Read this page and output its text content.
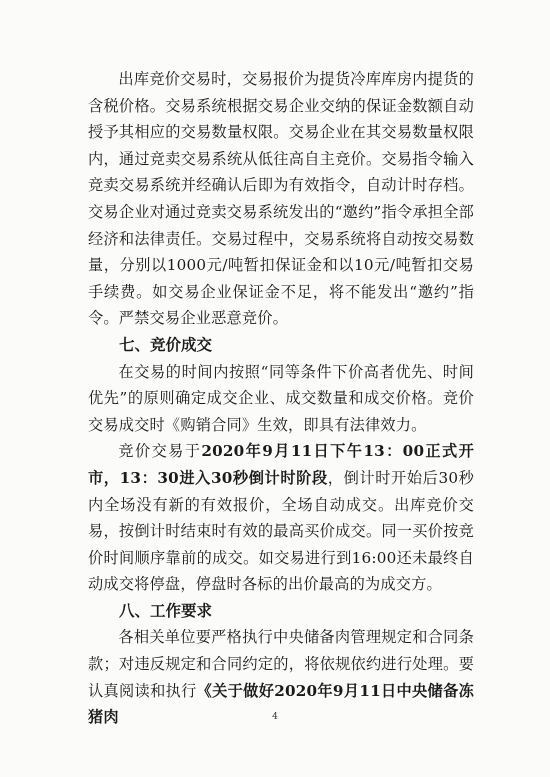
出库竞价交易时，交易报价为提货冷库库房内提货的含税价格。交易系统根据交易企业交纳的保证金数额自动授予其相应的交易数量权限。交易企业在其交易数量权限内，通过竞卖交易系统从低往高自主竞价。交易指令输入竞卖交易系统并经确认后即为有效指令，自动计时存档。交易企业对通过竞卖交易系统发出的“邀约”指令承担全部经济和法律责任。交易过程中，交易系统将自动按交易数量，分别以1000元/吨暂扣保证金和以10元/吨暂扣交易手续费。如交易企业保证金不足，将不能发出“邀约”指令。严禁交易企业恶意竞价。

七、竞价成交

在交易的时间内按照“同等条件下价高者优先、时间优先”的原则确定成交企业、成交数量和成交价格。竞价交易成交时《购销合同》生效，即具有法律效力。

竞价交易于2020年9月11日下午13：00正式开市，13：30进入30秒倒计时阶段，倒计时开始后30秒内全场没有新的有效报价，全场自动成交。出库竞价交易，按倒计时结束时有效的最高买价成交。同一买价按竞价时间顺序靠前的成交。如交易进行到16:00还未最终自动成交将停盘，停盘时各标的出价最高的为成交方。

八、工作要求

各相关单位要严格执行中央储备肉管理规定和合同条款；对违反规定和合同约定的，将依规依约进行处理。要认真阅读和执行《关于做好2020年9月11日中央储备冻猪肉	4
